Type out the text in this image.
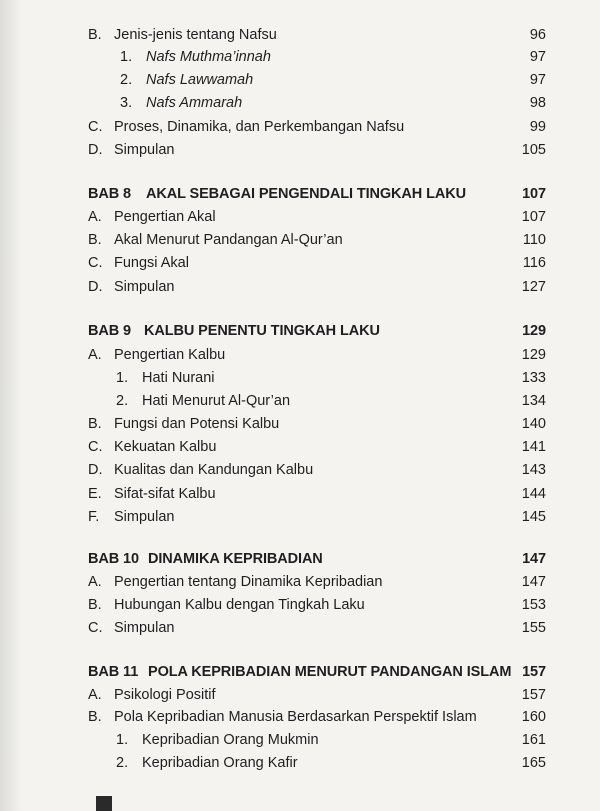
B. Jenis-jenis tentang Nafsu	96
1. Nafs Muthma’innah	97
2. Nafs Lawwamah	97
3. Nafs Ammarah	98
C. Proses, Dinamika, dan Perkembangan Nafsu	99
D. Simpulan	105
BAB 8 AKAL SEBAGAI PENGENDALI TINGKAH LAKU	107
A. Pengertian Akal	107
B. Akal Menurut Pandangan Al-Qur’an	110
C. Fungsi Akal	116
D. Simpulan	127
BAB 9 KALBU PENENTU TINGKAH LAKU	129
A. Pengertian Kalbu	129
1. Hati Nurani	133
2. Hati Menurut Al-Qur’an	134
B. Fungsi dan Potensi Kalbu	140
C. Kekuatan Kalbu	141
D. Kualitas dan Kandungan Kalbu	143
E. Sifat-sifat Kalbu	144
F. Simpulan	145
BAB 10 DINAMIKA KEPRIBADIAN	147
A. Pengertian tentang Dinamika Kepribadian	147
B. Hubungan Kalbu dengan Tingkah Laku	153
C. Simpulan	155
BAB 11 POLA KEPRIBADIAN MENURUT PANDANGAN ISLAM 157
A. Psikologi Positif	157
B. Pola Kepribadian Manusia Berdasarkan Perspektif Islam	160
1. Kepribadian Orang Mukmin	161
2. Kepribadian Orang Kafir	165
